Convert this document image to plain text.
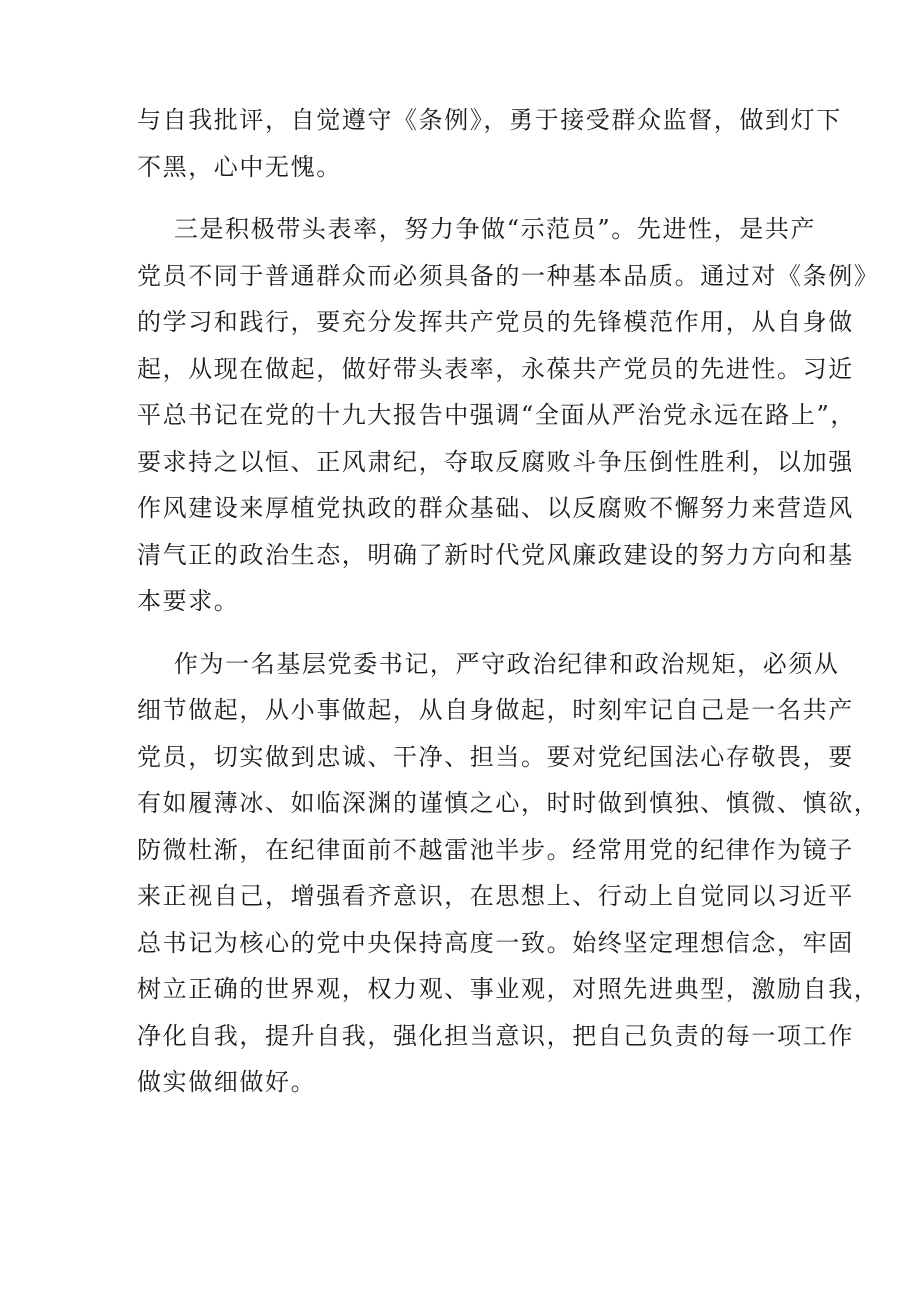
与自我批评，自觉遵守《条例》，勇于接受群众监督，做到灯下
不黑，心中无愧。
三是积极带头表率，努力争做“示范员”。先进性，是共产
党员不同于普通群众而必须具备的一种基本品质。通过对《条例》
的学习和践行，要充分发挥共产党员的先锋模范作用，从自身做
起，从现在做起，做好带头表率，永葆共产党员的先进性。习近
平总书记在党的十九大报告中强调“全面从严治党永远在路上”，
要求持之以恒、正风肃纪，夺取反腐败斗争压倒性胜利，以加强
作风建设来厚植党执政的群众基础、以反腐败不懈努力来营造风
清气正的政治生态，明确了新时代党风廉政建设的努力方向和基
本要求。
作为一名基层党委书记，严守政治纪律和政治规矩，必须从
细节做起，从小事做起，从自身做起，时刻牢记自己是一名共产
党员，切实做到忠诚、干净、担当。要对党纪国法心存敬畏，要
有如履薄冰、如临深渊的谨慎之心，时时做到慎独、慎微、慎欲，
防微杜渐，在纪律面前不越雷池半步。经常用党的纪律作为镜子
来正视自己，增强看齐意识，在思想上、行动上自觉同以习近平
总书记为核心的党中央保持高度一致。始终坚定理想信念，牢固
树立正确的世界观，权力观、事业观，对照先进典型，激励自我，
净化自我，提升自我，强化担当意识，把自己负责的每一项工作
做实做细做好。
